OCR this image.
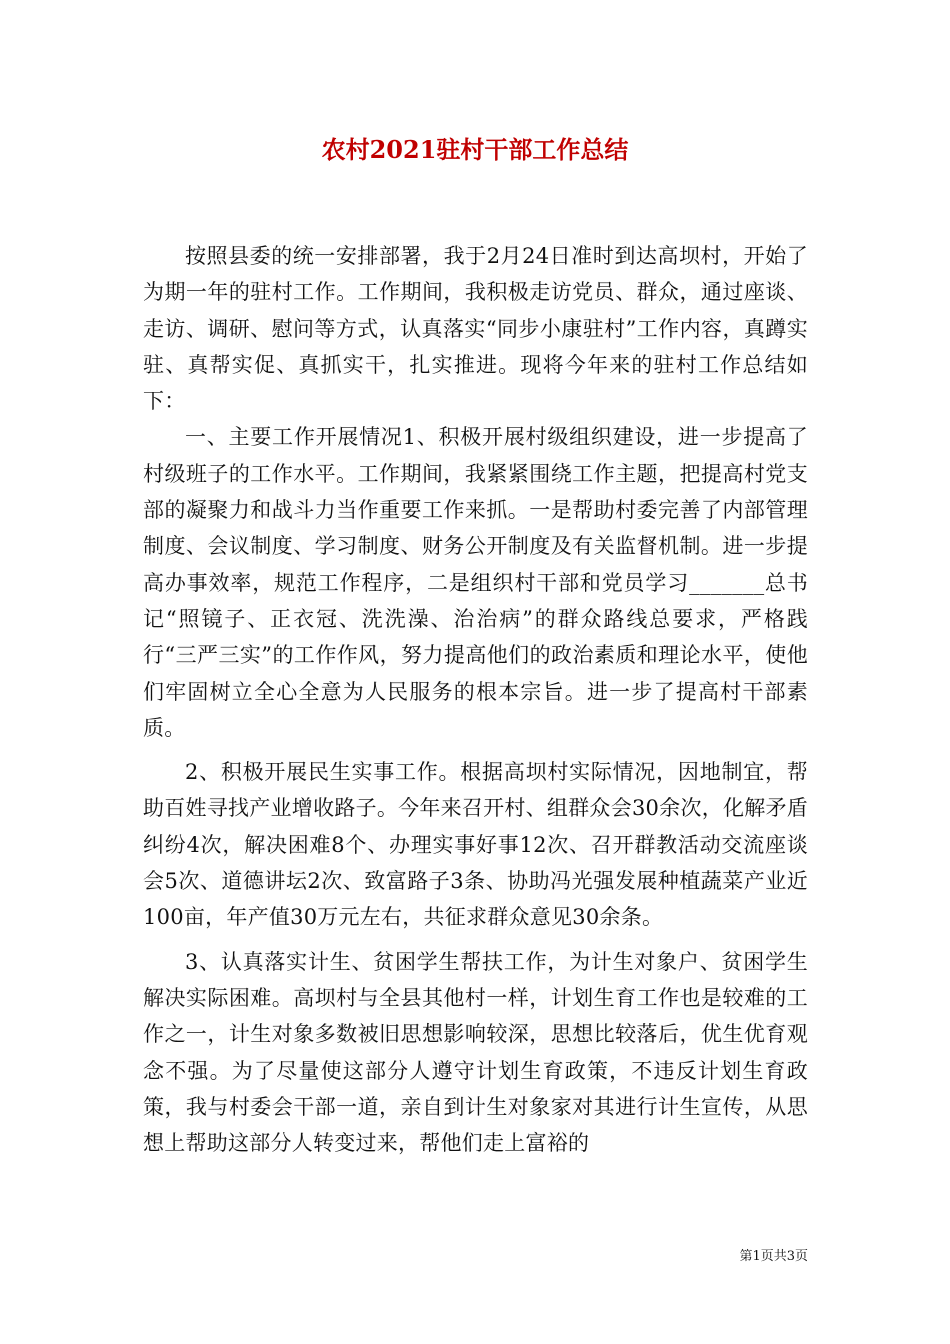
农村2021驻村干部工作总结

按照县委的统一安排部署，我于2月24日准时到达高坝村，开始了为期一年的驻村工作。工作期间，我积极走访党员、群众，通过座谈、走访、调研、慰问等方式，认真落实“同步小康驻村”工作内容，真蹲实驻、真帮实促、真抓实干，扎实推进。现将今年来的驻村工作总结如下：

一、主要工作开展情况1、积极开展村级组织建设，进一步提高了村级班子的工作水平。工作期间，我紧紧围绕工作主题，把提高村党支部的凝聚力和战斗力当作重要工作来抓。一是帮助村委完善了内部管理制度、会议制度、学习制度、财务公开制度及有关监督机制。进一步提高办事效率，规范工作程序，二是组织村干部和党员学习_______总书记“照镜子、正衣冠、洗洗澡、治治病”的群众路线总要求，严格践行“三严三实”的工作作风，努力提高他们的政治素质和理论水平，使他们牢固树立全心全意为人民服务的根本宗旨。进一步了提高村干部素质。

2、积极开展民生实事工作。根据高坝村实际情况，因地制宜，帮助百姓寻找产业增收路子。今年来召开村、组群众会30余次，化解矛盾纠纷4次，解决困难8个、办理实事好事12次、召开群教活动交流座谈会5次、道德讲坛2次、致富路子3条、协助冯光强发展种植蔬菜产业近100亩，年产值30万元左右，共征求群众意见30余条。

3、认真落实计生、贫困学生帮扶工作，为计生对象户、贫困学生解决实际困难。高坝村与全县其他村一样，计划生育工作也是较难的工作之一，计生对象多数被旧思想影响较深，思想比较落后，优生优育观念不强。为了尽量使这部分人遵守计划生育政策，不违反计划生育政策，我与村委会干部一道，亲自到计生对象家对其进行计生宣传，从思想上帮助这部分人转变过来，帮他们走上富裕的

第1页共3页
